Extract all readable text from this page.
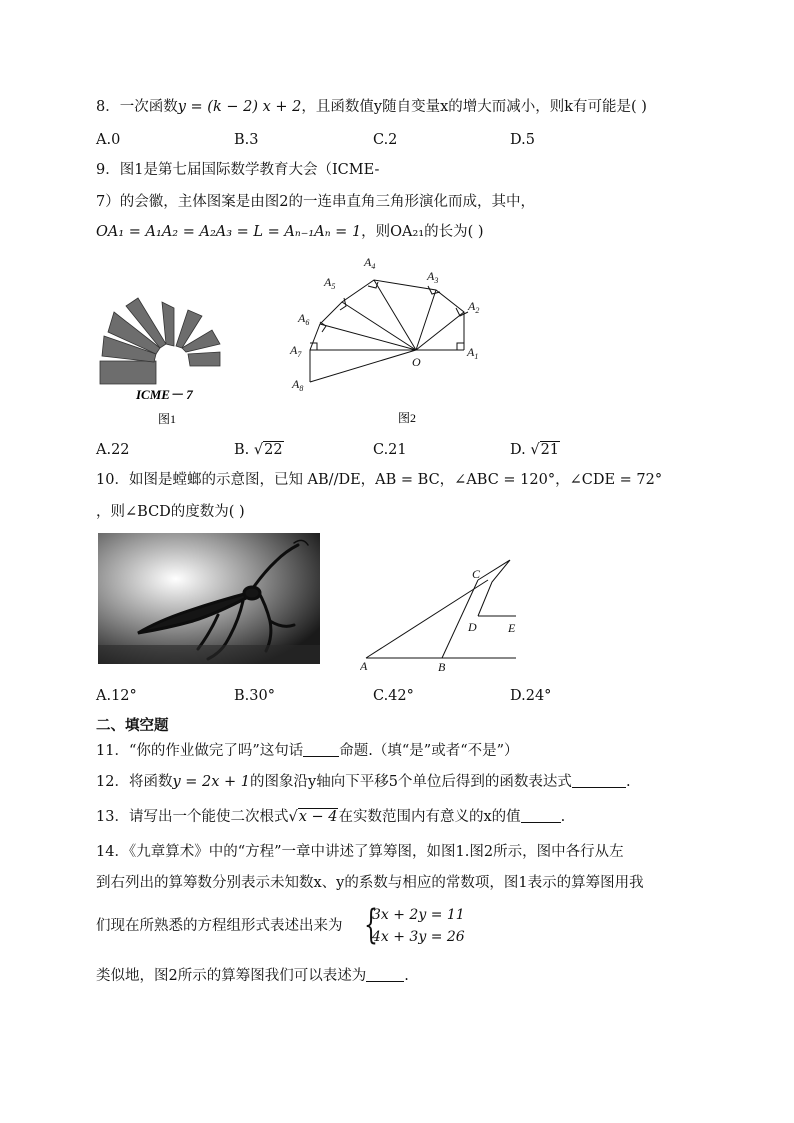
8．一次函数y = (k − 2) x + 2，且函数值y随自变量x的增大而减小，则k有可能是( )
A.0	B.3	C.2	D.5
9．图1是第七届国际数学教育大会（ICME-
7）的会徽，主体图案是由图2的一连串直角三角形演化而成，其中，
OA₁ = A₁A₂ = A₂A₃ = L = Aₙ₋₁Aₙ = 1，则OA₂₁的长为( )
ICME－ 7
图1
$A_1$
$A_2$
$A_3$
$A_4$
$A_5$
$A_6$
$A_7$
$A_8$
O
图2
A.22	B. √22	C.21	D. √21
10．如图是螳螂的示意图，已知 AB//DE，AB = BC，∠ABC = 120°，∠CDE = 72°
，则∠BCD的度数为( )
A	B
C
D	E
A.12°	B.30°	C.42°	D.24°
二、填空题
11．“你的作业做完了吗”这句话 命题.（填“是”或者“不是”）
12．将函数y = 2x + 1的图象沿y轴向下平移5个单位后得到的函数表达式	.
13．请写出一个能使二次根式√x − 4在实数范围内有意义的x的值	.
14．《九章算术》中的“方程”一章中讲述了算筹图，如图1.图2所示，图中各行从左
到右列出的算筹数分别表示未知数x、y的系数与相应的常数项，图1表示的算筹图用我
们现在所熟悉的方程组形式表述出来为 {
3x + 2y = 11
4x + 3y = 26
类似地，图2所示的算筹图我们可以表述为	.
